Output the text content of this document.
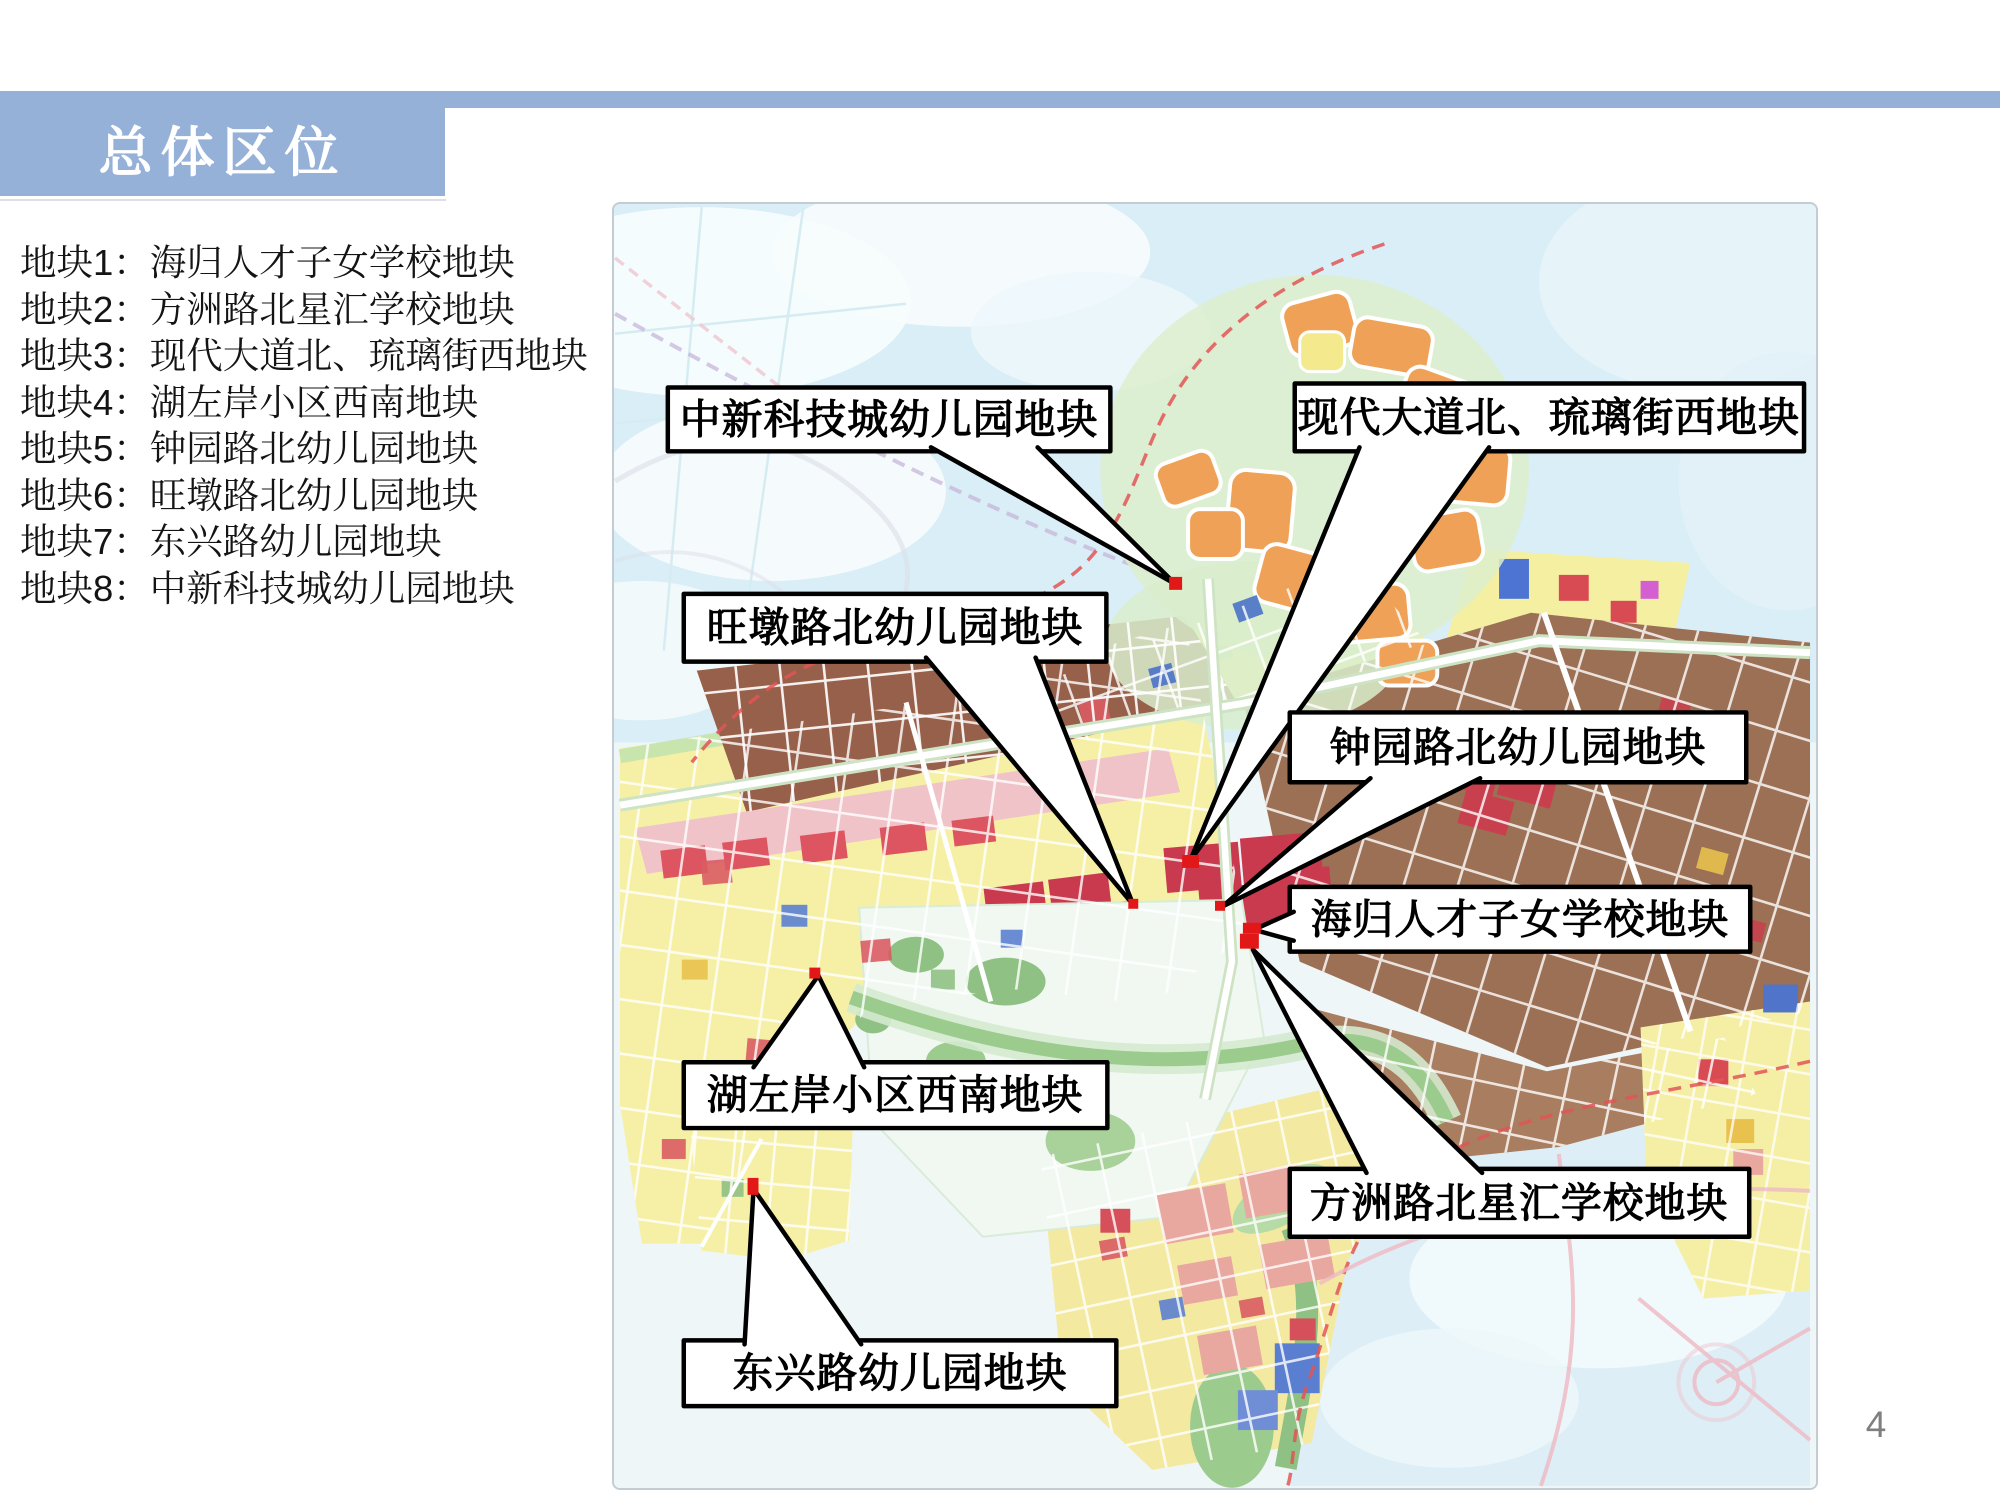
总体区位
地块1：海归人才子女学校地块
地块2：方洲路北星汇学校地块
地块3：现代大道北、琉璃街西地块
地块4：湖左岸小区西南地块
地块5：钟园路北幼儿园地块
地块6：旺墩路北幼儿园地块
地块7：东兴路幼儿园地块
地块8：中新科技城幼儿园地块
中新科技城幼儿园地块	现代大道北、琉璃街西地块
旺墩路北幼儿园地块
钟园路北幼儿园地块
海归人才子女学校地块
湖左岸小区西南地块
方洲路北星汇学校地块
东兴路幼儿园地块
4
